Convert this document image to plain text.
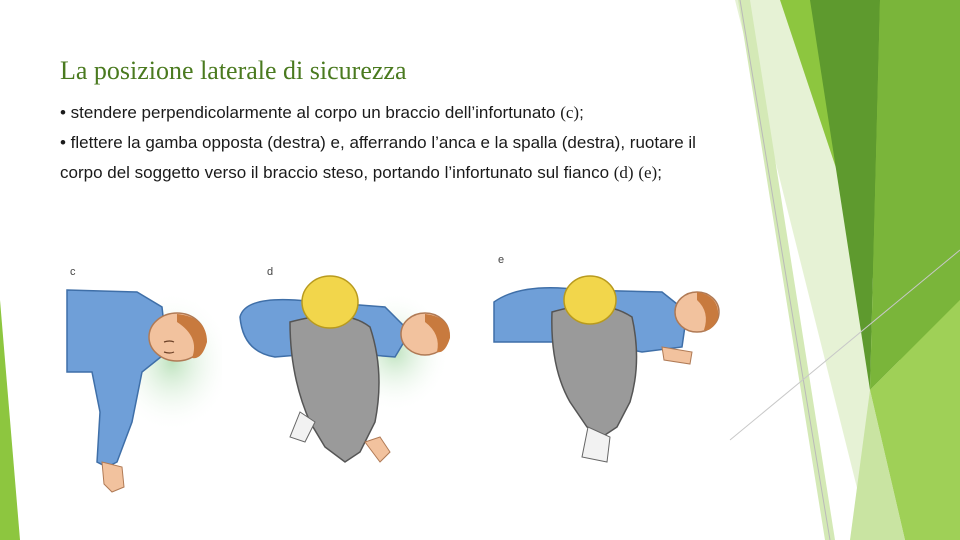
La posizione laterale di sicurezza

• stendere perpendicolarmente al corpo un braccio dell’infortunato (c);

• flettere la gamba opposta (destra) e, afferrando l’anca e la spalla (destra), ruotare il corpo del soggetto verso il braccio steso, portando l’infortunato sul fianco (d) (e);

c	d
e
